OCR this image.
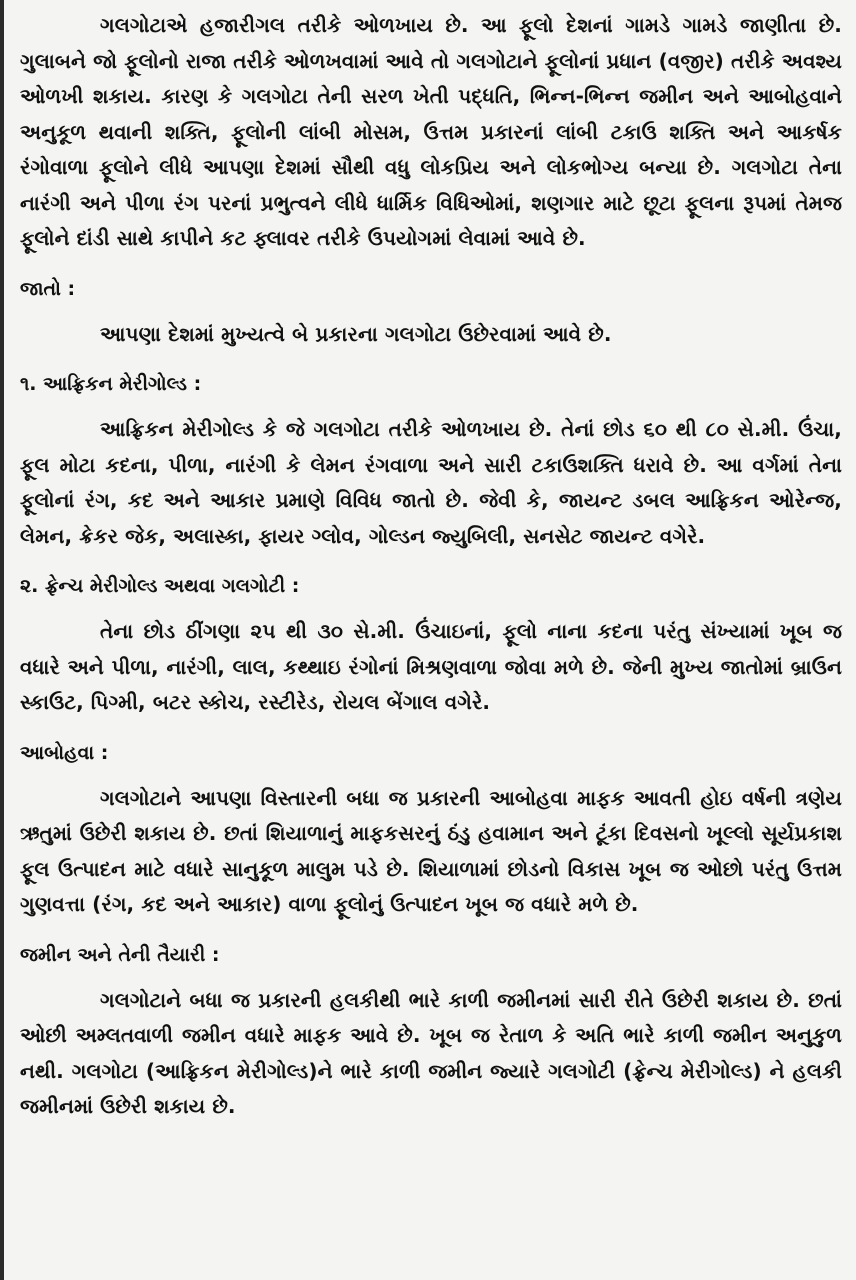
ગલગોટાએ હજારીગલ તરીકે ઓળખાય છે. આ ફૂલો દેશનાં ગામડે ગામડે જાણીતા છે. ગુલાબને જો ફૂલોનો રાજા તરીકે ઓળખવામાં આવે તો ગલગોટાને ફૂલોનાં પ્રધાન (વજીર) તરીકે અવશ્ય ઓળખી શકાય. કારણ કે ગલગોટા તેની સરળ ખેતી પદ્ધતિ, ભિન્ન-ભિન્ન જમીન અને આબોહવાને અનુકૂળ થવાની શક્તિ, ફૂલોની લાંબી મોસમ, ઉત્તમ પ્રકારનાં લાંબી ટકાઉ શક્તિ અને આકર્ષક રંગોવાળા ફૂલોને લીધે આપણા દેશમાં સૌથી વધુ લોકપ્રિય અને લોકભોગ્ય બન્યા છે. ગલગોટા તેના નારંગી અને પીળા રંગ પરનાં પ્રભુત્વને લીધે ધાર્મિક વિધિઓમાં, શણગાર માટે છૂટા ફૂલના રૂપમાં તેમજ ફૂલોને દાંડી સાથે કાપીને કટ ફ્લાવર તરીકે ઉપયોગમાં લેવામાં આવે છે.

જાતો :

આપણા દેશમાં મુખ્યત્વે બે પ્રકારના ગલગોટા ઉછેરવામાં આવે છે.

૧. આફ્રિકન મેરીગોલ્ડ :

આફ્રિકન મેરીગોલ્ડ કે જે ગલગોટા તરીકે ઓળખાય છે. તેનાં છોડ ૬૦ થી ૮૦ સે.મી. ઉંચા, ફૂલ મોટા કદના, પીળા, નારંગી કે લેમન રંગવાળા અને સારી ટકાઉશક્તિ ધરાવે છે. આ વર્ગમાં તેના ફૂલોનાં રંગ, કદ અને આકાર પ્રમાણે વિવિધ જાતો છે. જેવી કે, જાયન્ટ ડબલ આફ્રિકન ઓરેન્જ, લેમન, ક્રેકર જેક, અલાસ્કા, ફાયર ગ્લોવ, ગોલ્ડન જ્યુબિલી, સનસેટ જાયન્ટ વગેરે.

૨. ફ્રેન્ચ મેરીગોલ્ડ અથવા ગલગોટી :

તેના છોડ ઠીંગણા ૨૫ થી ૩૦ સે.મી. ઉંચાઇનાં, ફૂલો નાના કદના પરંતુ સંખ્યામાં ખૂબ જ વધારે અને પીળા, નારંગી, લાલ, કથ્થાઇ રંગોનાં મિશ્રણવાળા જોવા મળે છે. જેની મુખ્ય જાતોમાં બ્રાઉન સ્કાઉટ, પિગ્મી, બટર સ્કોચ, રસ્ટીરેડ, રોયલ બેંગાલ વગેરે.

આબોહવા :

ગલગોટાને આપણા વિસ્તારની બધા જ પ્રકારની આબોહવા માફક આવતી હોઇ વર્ષની ત્રણેય ઋતુમાં ઉછેરી શકાય છે. છતાં શિયાળાનું માફકસરનું ઠંડુ હવામાન અને ટૂંકા દિવસનો ખૂલ્લો સૂર્યપ્રકાશ ફૂલ ઉત્પાદન માટે વધારે સાનુકૂળ માલુમ પડે છે. શિયાળામાં છોડનો વિકાસ ખૂબ જ ઓછો પરંતુ ઉત્તમ ગુણવત્તા (રંગ, કદ અને આકાર) વાળા ફૂલોનું ઉત્પાદન ખૂબ જ વધારે મળે છે.

જમીન અને તેની તૈયારી :

ગલગોટાને બધા જ પ્રકારની હલકીથી ભારે કાળી જમીનમાં સારી રીતે ઉછેરી શકાય છે. છતાં ઓછી અમ્લતવાળી જમીન વધારે માફક આવે છે. ખૂબ જ રેતાળ કે અતિ ભારે કાળી જમીન અનુકુળ નથી. ગલગોટા (આફ્રિકન મેરીગોલ્ડ)ને ભારે કાળી જમીન જ્યારે ગલગોટી (ફ્રેન્ચ મેરીગોલ્ડ) ને હલકી જમીનમાં ઉછેરી શકાય છે.
